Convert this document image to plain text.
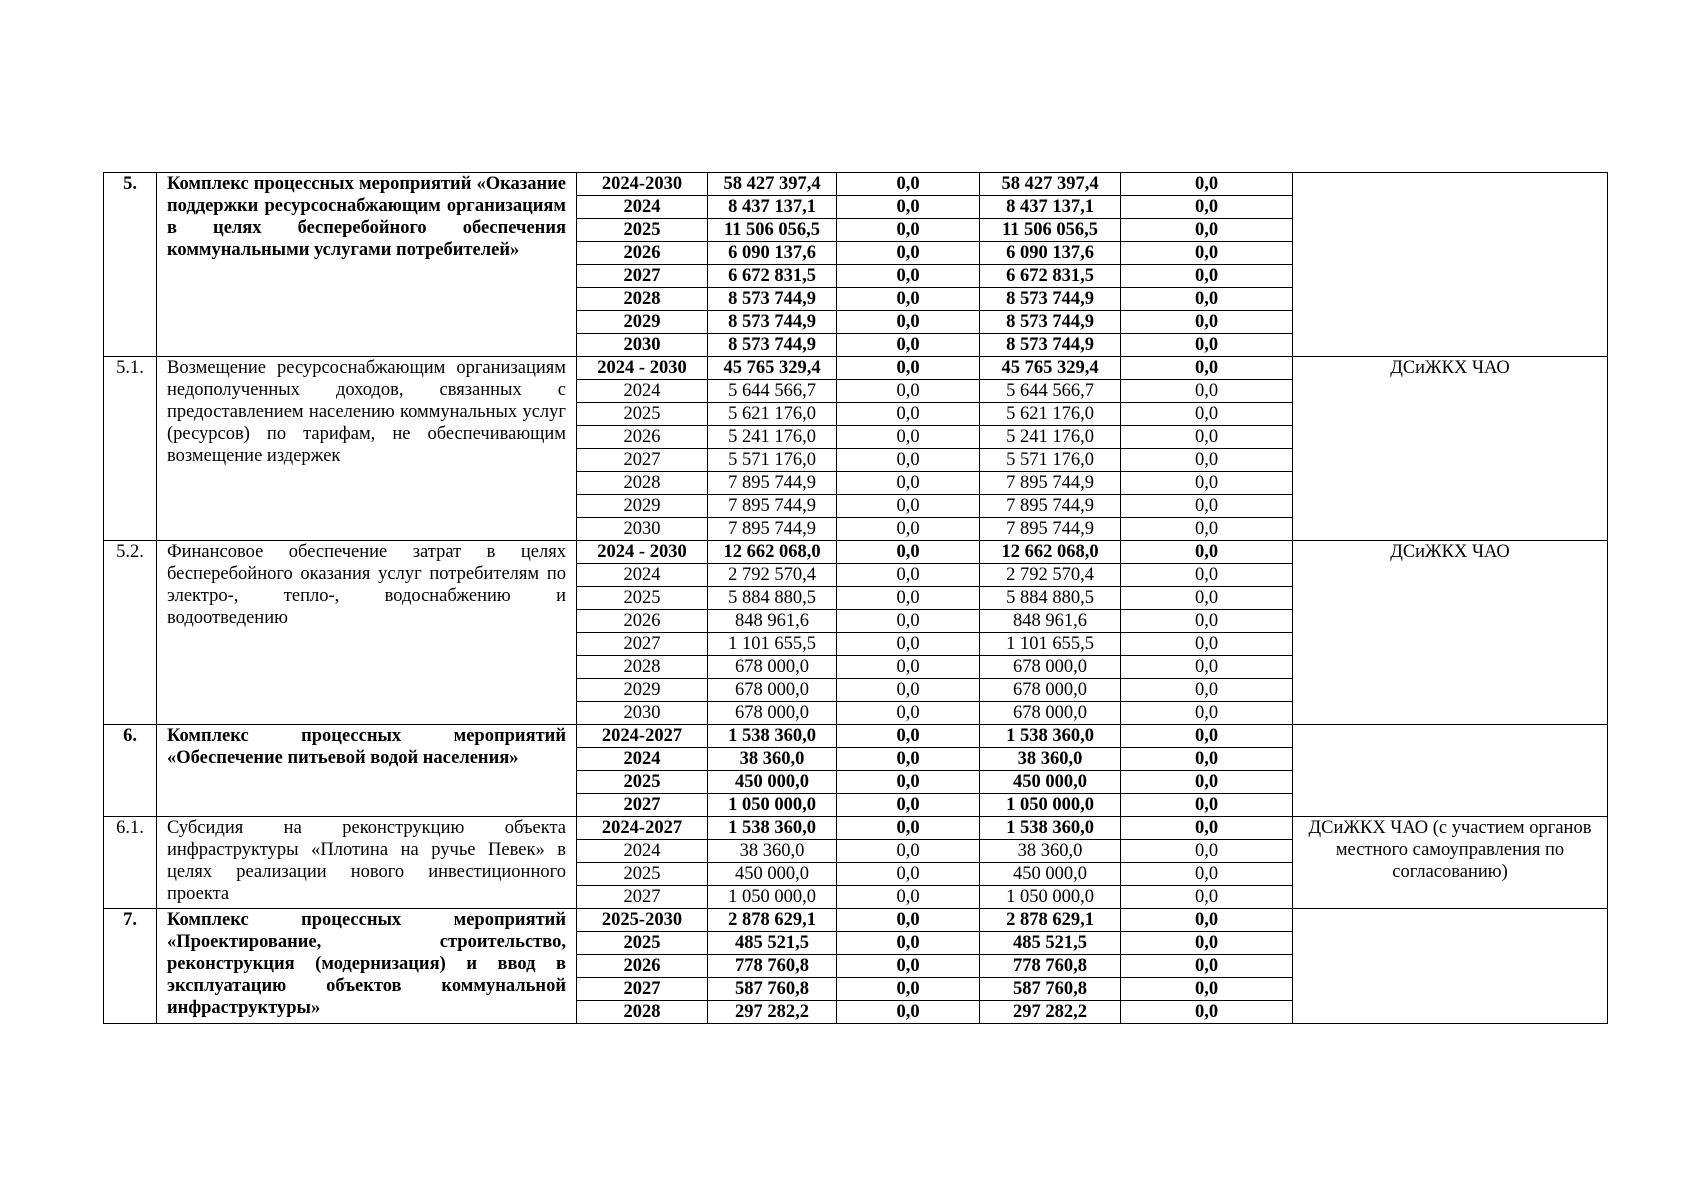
5.	Комплекс процессных мероприятий «Оказание поддержки ресурсоснабжающим организациям в целях бесперебойного обеспечения коммунальными услугами потребителей»	2024-2030	58 427 397,4	0,0	58 427 397,4	0,0	
		2024	8 437 137,1	0,0	8 437 137,1	0,0	
		2025	11 506 056,5	0,0	11 506 056,5	0,0	
		2026	6 090 137,6	0,0	6 090 137,6	0,0	
		2027	6 672 831,5	0,0	6 672 831,5	0,0	
		2028	8 573 744,9	0,0	8 573 744,9	0,0	
		2029	8 573 744,9	0,0	8 573 744,9	0,0	
		2030	8 573 744,9	0,0	8 573 744,9	0,0	
5.1.	Возмещение ресурсоснабжающим организациям недополученных доходов, связанных с предоставлением населению коммунальных услуг (ресурсов) по тарифам, не обеспечивающим возмещение издержек	2024 - 2030	45 765 329,4	0,0	45 765 329,4	0,0	ДСиЖКХ ЧАО
		2024	5 644 566,7	0,0	5 644 566,7	0,0	
		2025	5 621 176,0	0,0	5 621 176,0	0,0	
		2026	5 241 176,0	0,0	5 241 176,0	0,0	
		2027	5 571 176,0	0,0	5 571 176,0	0,0	
		2028	7 895 744,9	0,0	7 895 744,9	0,0	
		2029	7 895 744,9	0,0	7 895 744,9	0,0	
		2030	7 895 744,9	0,0	7 895 744,9	0,0	
5.2.	Финансовое обеспечение затрат в целях бесперебойного оказания услуг потребителям по электро-, тепло-, водоснабжению и водоотведению	2024 - 2030	12 662 068,0	0,0	12 662 068,0	0,0	ДСиЖКХ ЧАО
		2024	2 792 570,4	0,0	2 792 570,4	0,0	
		2025	5 884 880,5	0,0	5 884 880,5	0,0	
		2026	848 961,6	0,0	848 961,6	0,0	
		2027	1 101 655,5	0,0	1 101 655,5	0,0	
		2028	678 000,0	0,0	678 000,0	0,0	
		2029	678 000,0	0,0	678 000,0	0,0	
		2030	678 000,0	0,0	678 000,0	0,0	
6.	Комплекс процессных мероприятий «Обеспечение питьевой водой населения»	2024-2027	1 538 360,0	0,0	1 538 360,0	0,0	
		2024	38 360,0	0,0	38 360,0	0,0	
		2025	450 000,0	0,0	450 000,0	0,0	
		2027	1 050 000,0	0,0	1 050 000,0	0,0	
6.1.	Субсидия на реконструкцию объекта инфраструктуры «Плотина на ручье Певек» в целях реализации нового инвестиционного проекта	2024-2027	1 538 360,0	0,0	1 538 360,0	0,0	ДСиЖКХ ЧАО (с участием органов местного самоуправления по согласованию)
		2024	38 360,0	0,0	38 360,0	0,0	
		2025	450 000,0	0,0	450 000,0	0,0	
		2027	1 050 000,0	0,0	1 050 000,0	0,0	
7.	Комплекс процессных мероприятий «Проектирование, строительство, реконструкция (модернизация) и ввод в эксплуатацию объектов коммунальной инфраструктуры»	2025-2030	2 878 629,1	0,0	2 878 629,1	0,0	
		2025	485 521,5	0,0	485 521,5	0,0	
		2026	778 760,8	0,0	778 760,8	0,0	
		2027	587 760,8	0,0	587 760,8	0,0	
		2028	297 282,2	0,0	297 282,2	0,0	
